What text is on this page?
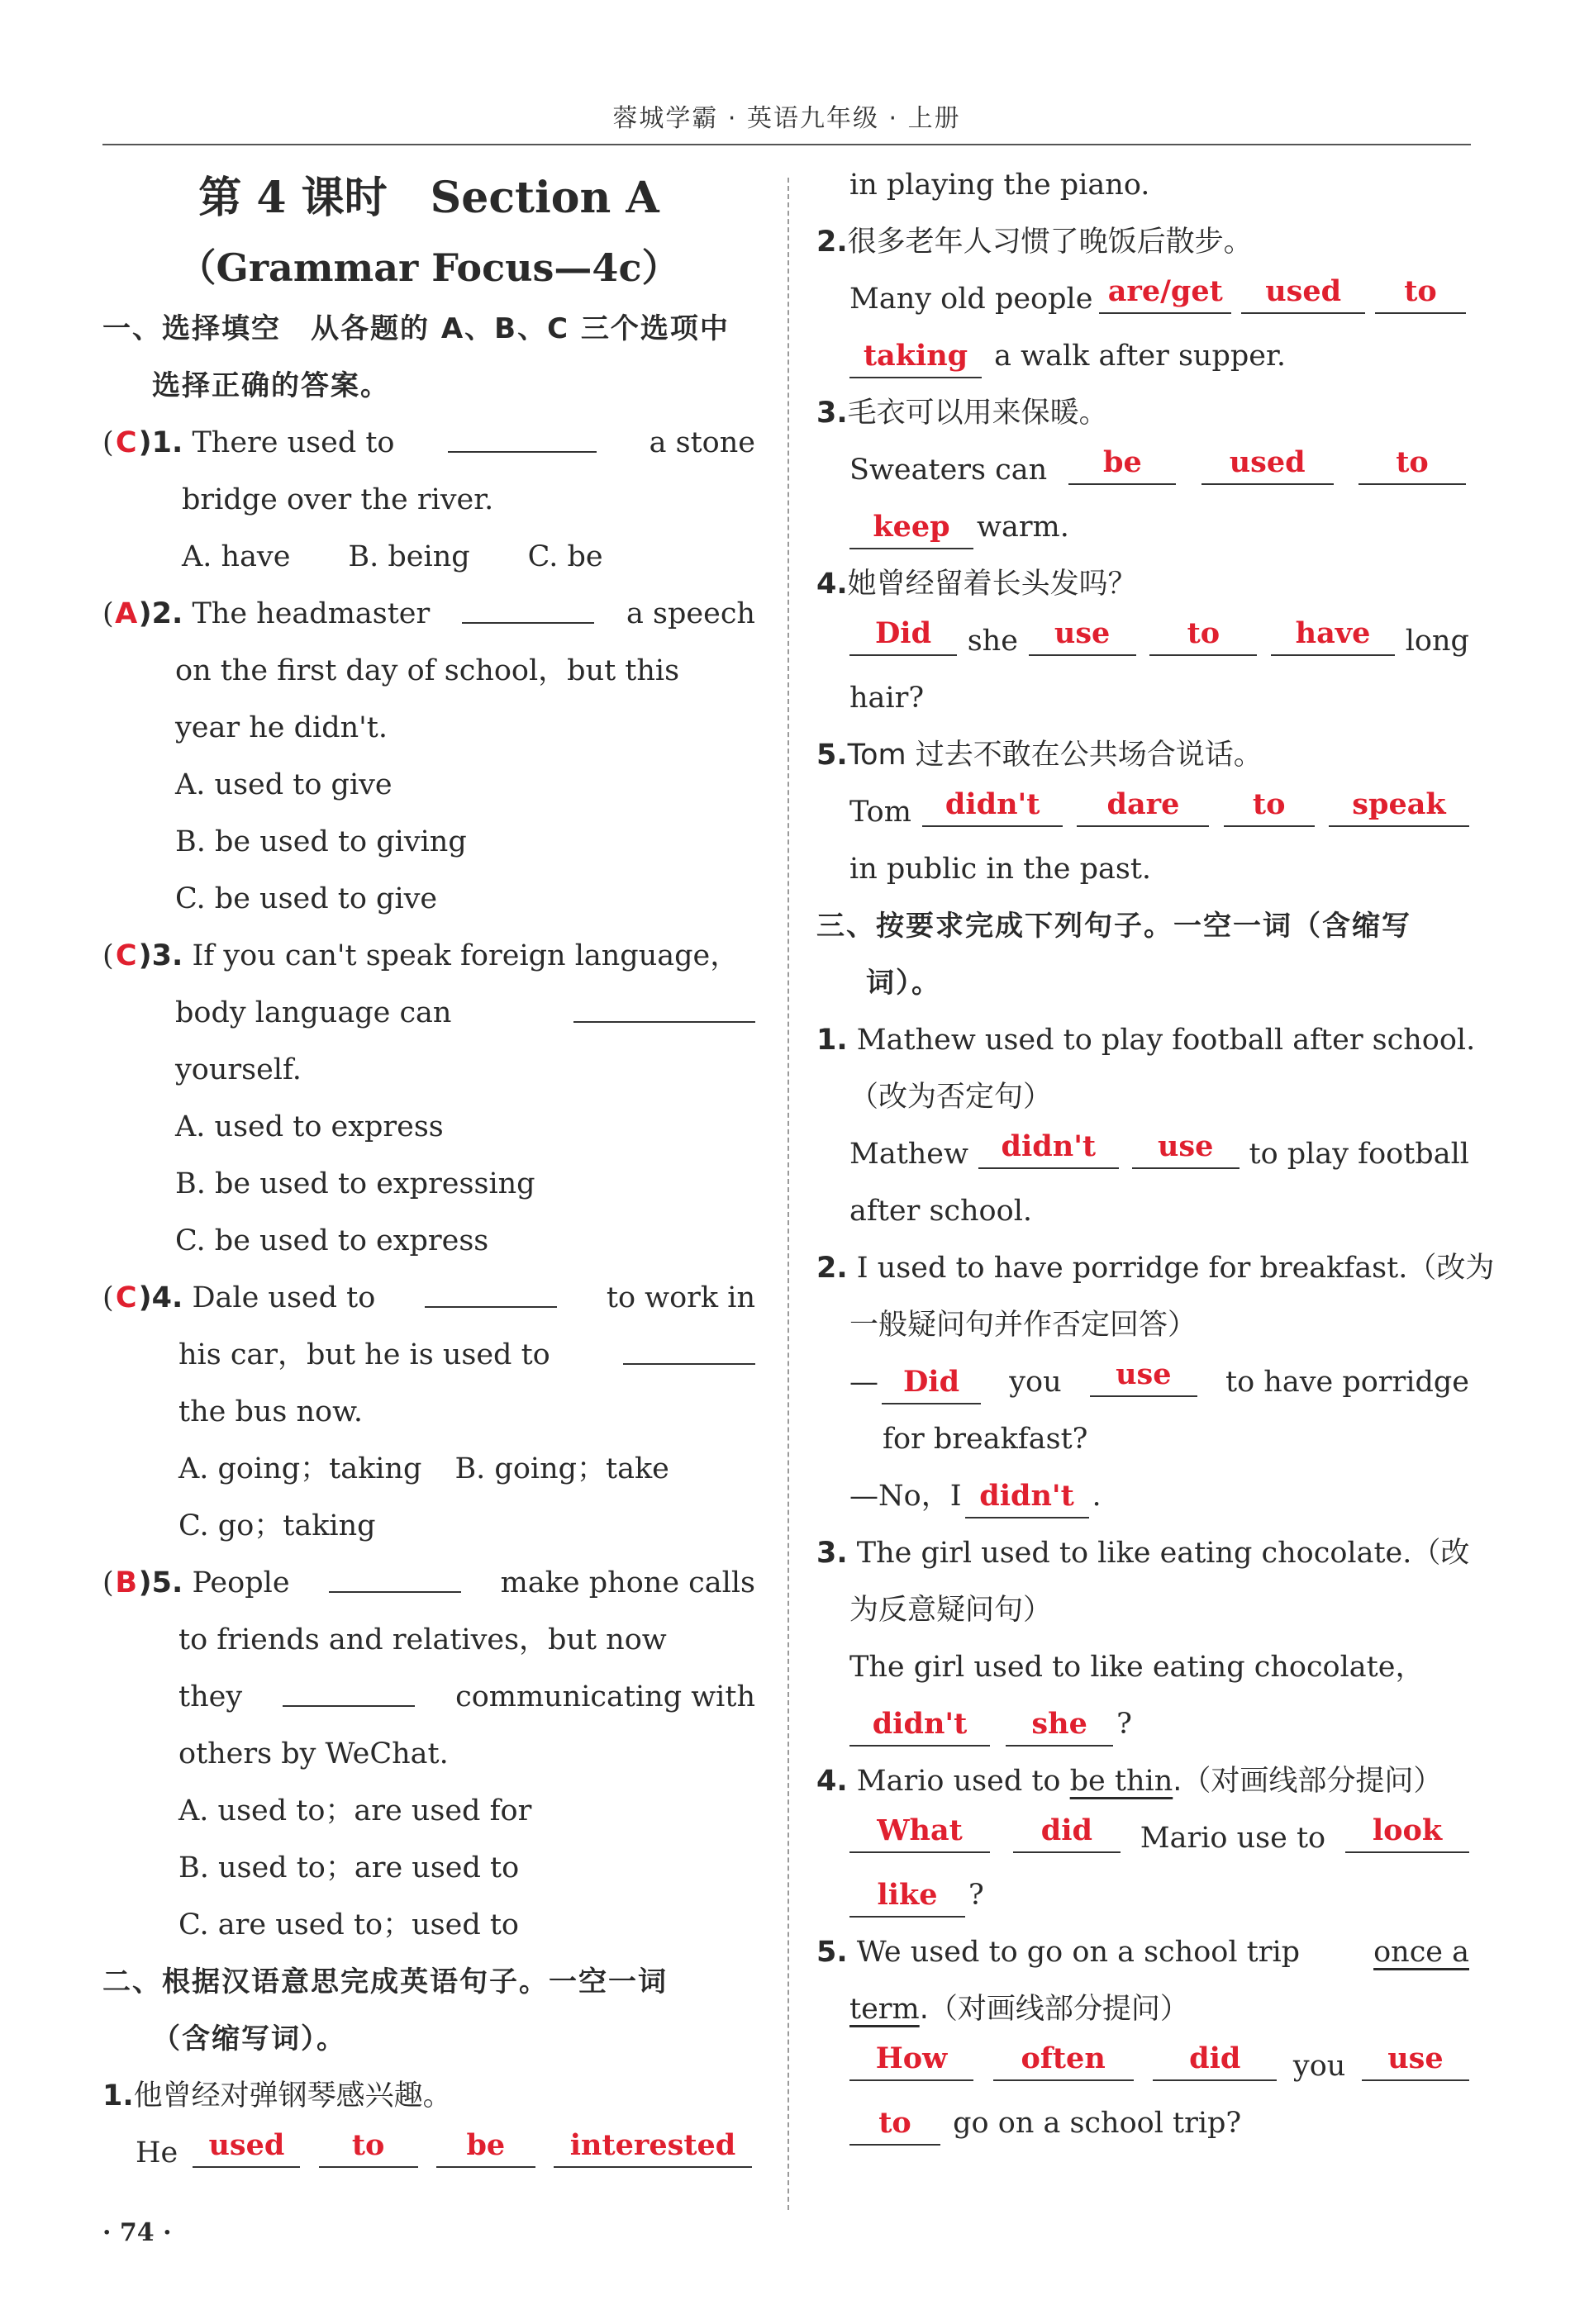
蓉城学霸 · 英语九年级 · 上册
第 4 课时　Section A
（Grammar Focus—4c）
一、选择填空　从各题的 A、B、C 三个选项中
选择正确的答案。
(C)1. There used to	a stone
bridge over the river.
A. have B. being C. be
(A)2. The headmaster	a speech
on the first day of school，but this
year he didn't.
A. used to give
B. be used to giving
C. be used to give
(C)3. If you can't speak foreign language，
body language can
yourself.
A. used to express
B. be used to expressing
C. be used to express
(C)4. Dale used to	to work in
his car，but he is used to
the bus now.
A. going；taking B. going；take
C. go；taking
(B)5. People	make phone calls
to friends and relatives，but now
they	communicating with
others by WeChat.
A. used to；are used for
B. used to；are used to
C. are used to；used to
二、根据汉语意思完成英语句子。一空一词
（含缩写词）。
1.他曾经对弹钢琴感兴趣。
He	used	to	be	interested
in playing the piano.
2.很多老年人习惯了晚饭后散步。
Many old people are/get	used	to
taking a walk after supper.
3.毛衣可以用来保暖。
Sweaters can	be	used	to
keep warm.
4.她曾经留着长头发吗？
Did	she	use	to	have	long
hair?
5.Tom 过去不敢在公共场合说话。
Tom	didn't	dare	to	speak
in public in the past.
三、按要求完成下列句子。一空一词（含缩写
词）。
1. Mathew used to play football after school.
（改为否定句）
Mathew	didn't	use	to play football
after school.
2. I used to have porridge for breakfast.（改为
一般疑问句并作否定回答）
— Did	you	use	to have porridge
for breakfast?
—No，I didn't .
3. The girl used to like eating chocolate.（改
为反意疑问句）
The girl used to like eating chocolate，
didn't she ?
4. Mario used to be thin.（对画线部分提问）
What	did	Mario use to	look
like ?
5. We used to go on a school trip	once a
term.（对画线部分提问）
How	often	did	you	use
to go on a school trip?
· 74 ·
